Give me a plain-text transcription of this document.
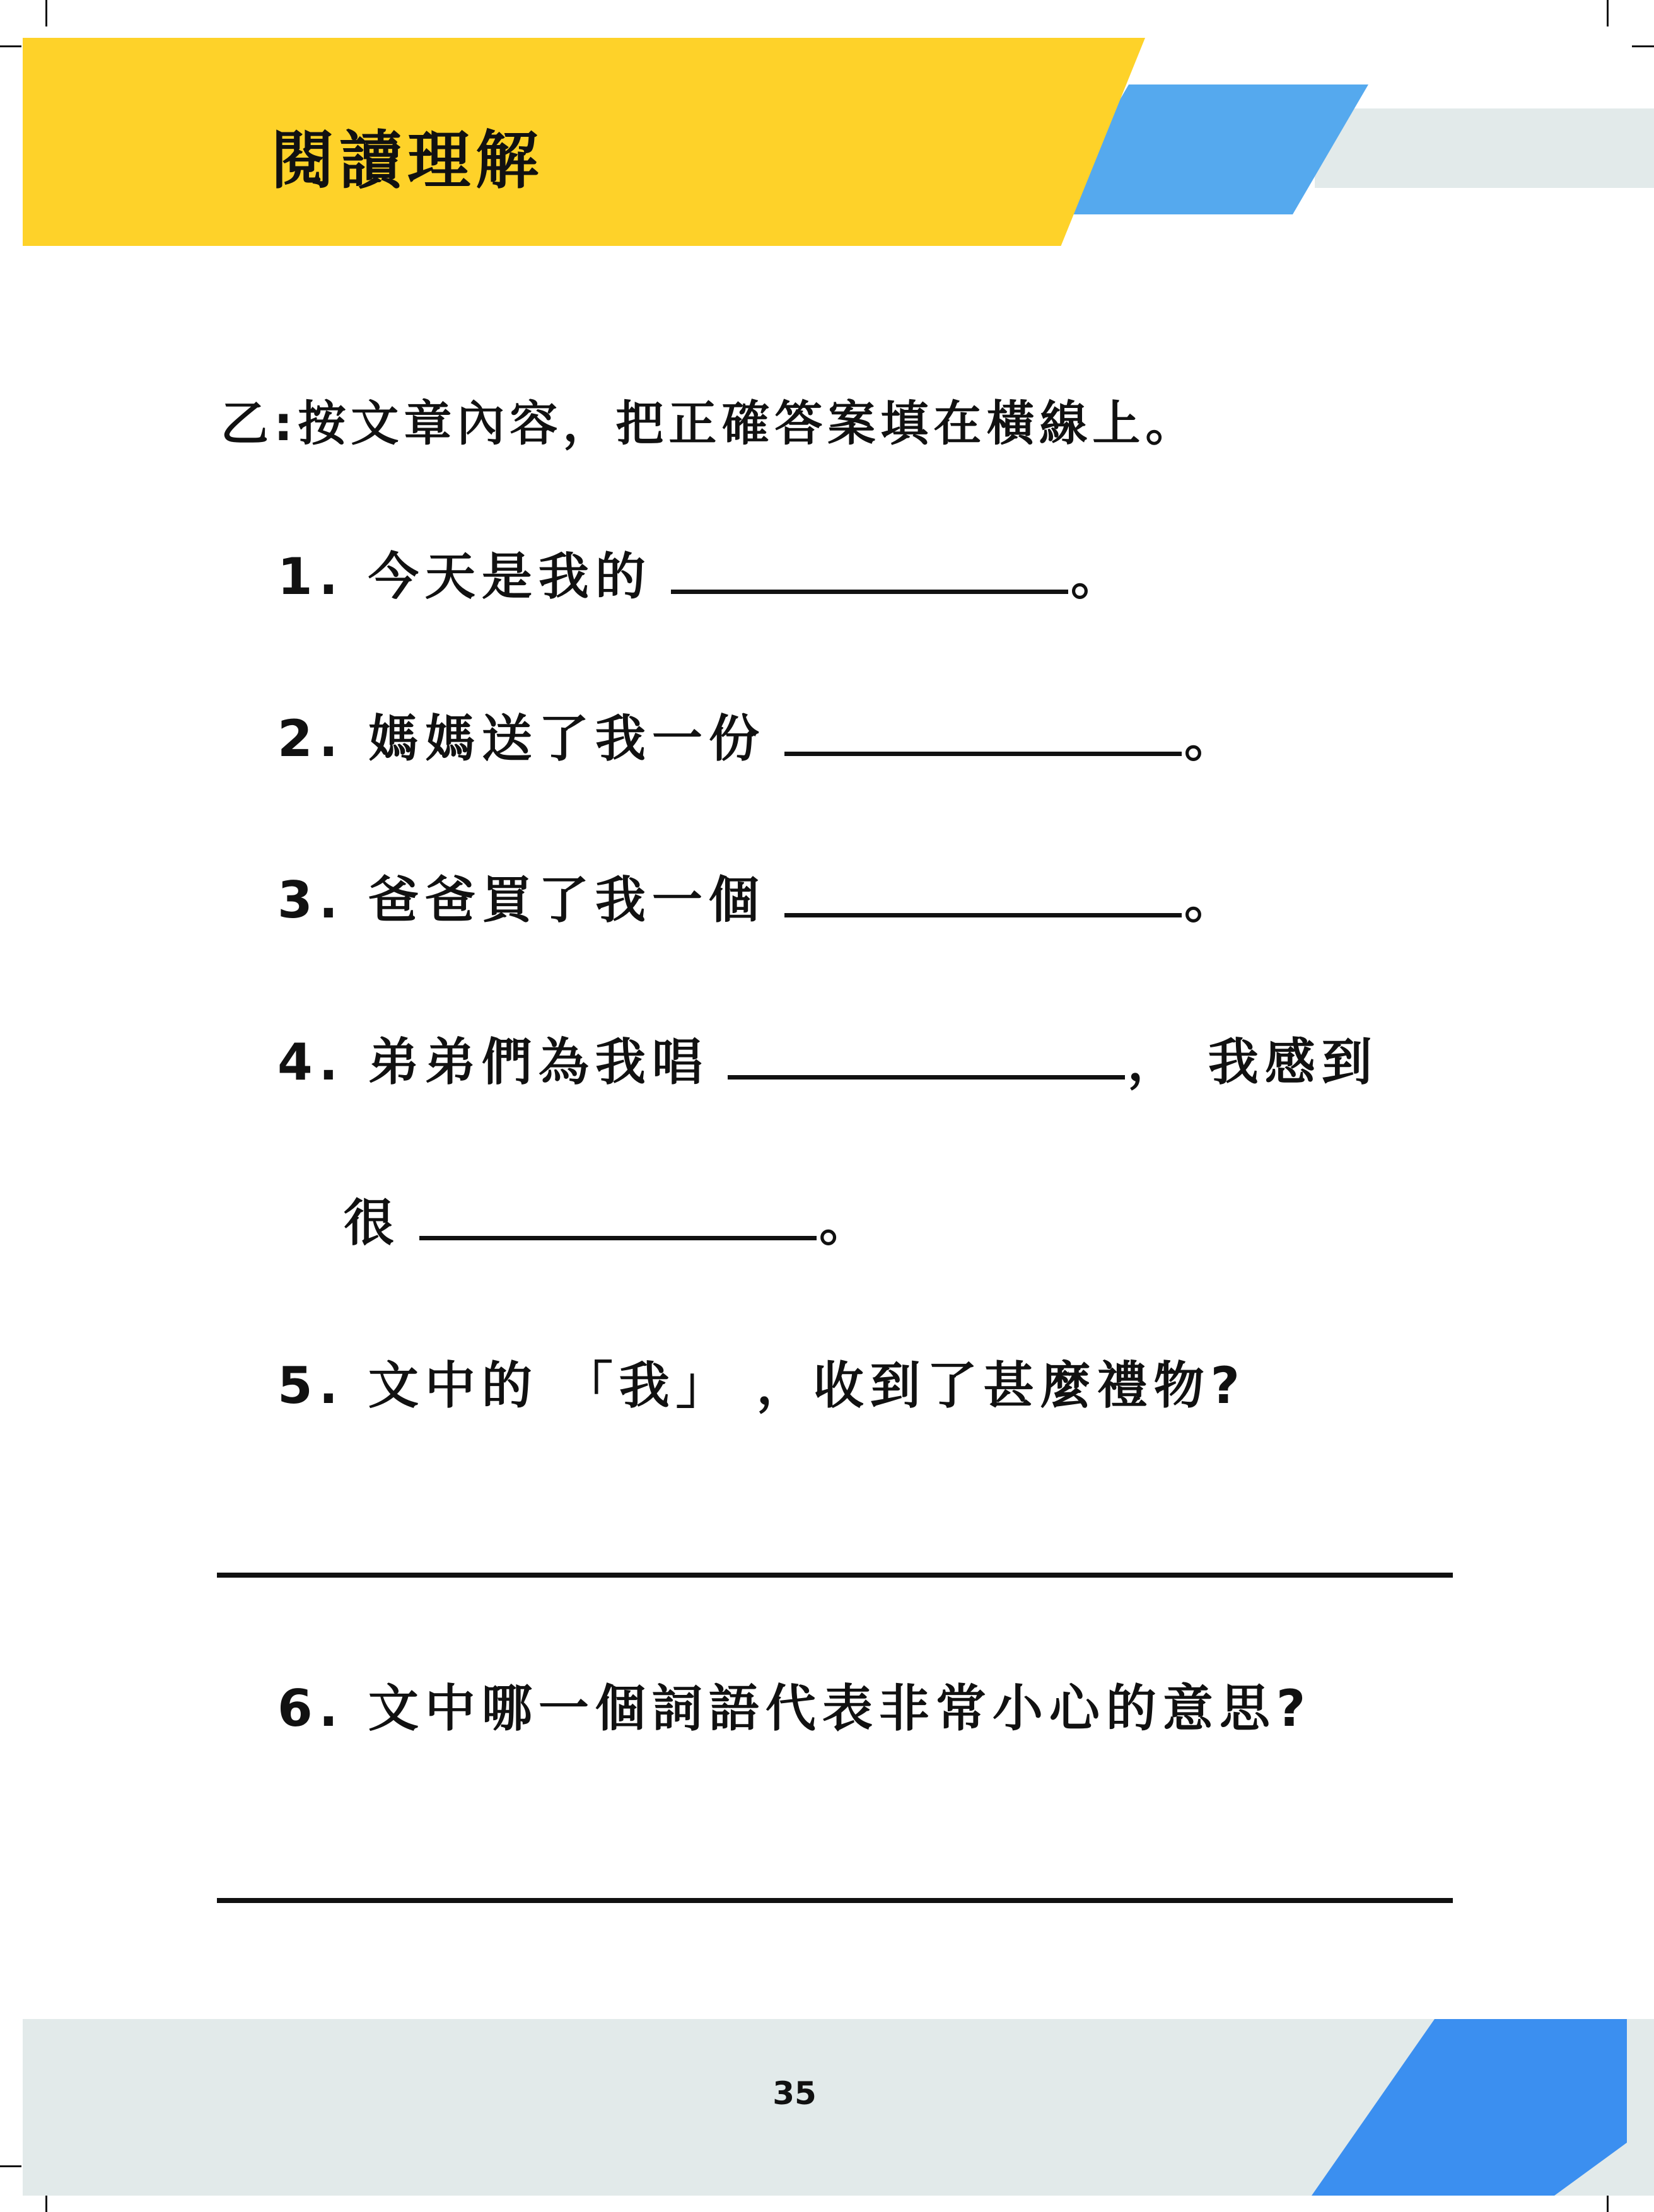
閱讀理解
乙:按文章內容，把正確答案填在橫線上。
1. 今天是我的	。
2. 媽媽送了我一份	。
3. 爸爸買了我一個	。
4. 弟弟們為我唱	， 我感到
很	。
5. 文中的 「我」 ，收到了甚麼禮物?
6. 文中哪一個詞語代表非常小心的意思?
35
